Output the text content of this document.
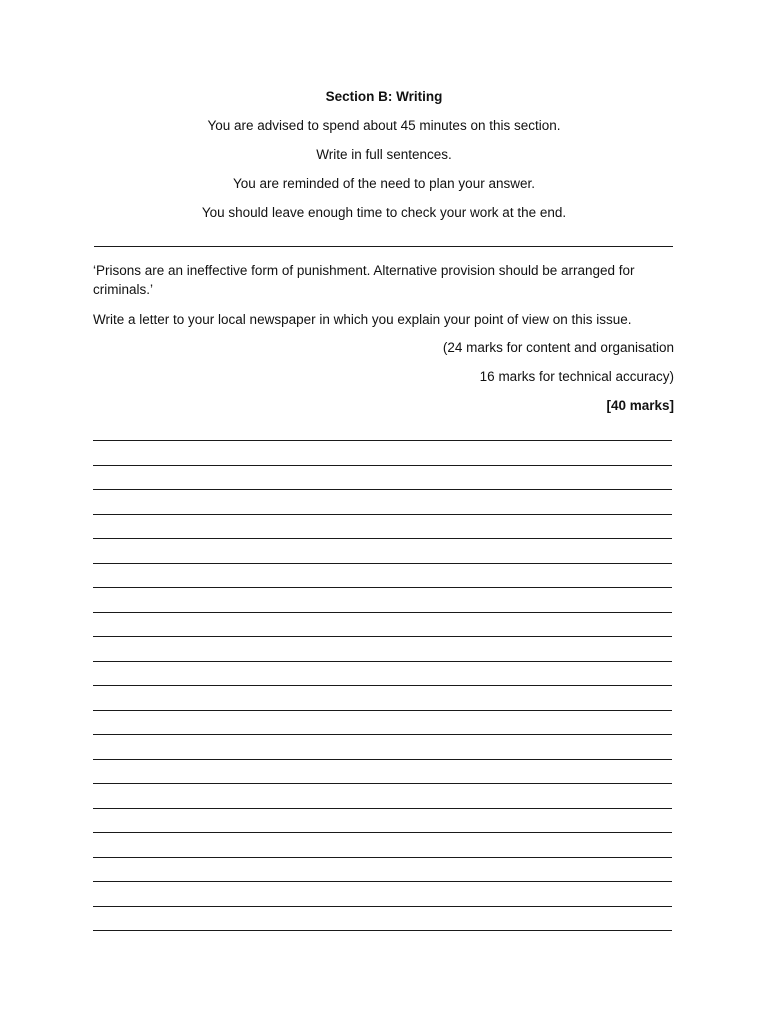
Section B: Writing
You are advised to spend about 45 minutes on this section.
Write in full sentences.
You are reminded of the need to plan your answer.
You should leave enough time to check your work at the end.
‘Prisons are an ineffective form of punishment. Alternative provision should be arranged for criminals.’
Write a letter to your local newspaper in which you explain your point of view on this issue.
(24 marks for content and organisation
16 marks for technical accuracy)
[40 marks]
